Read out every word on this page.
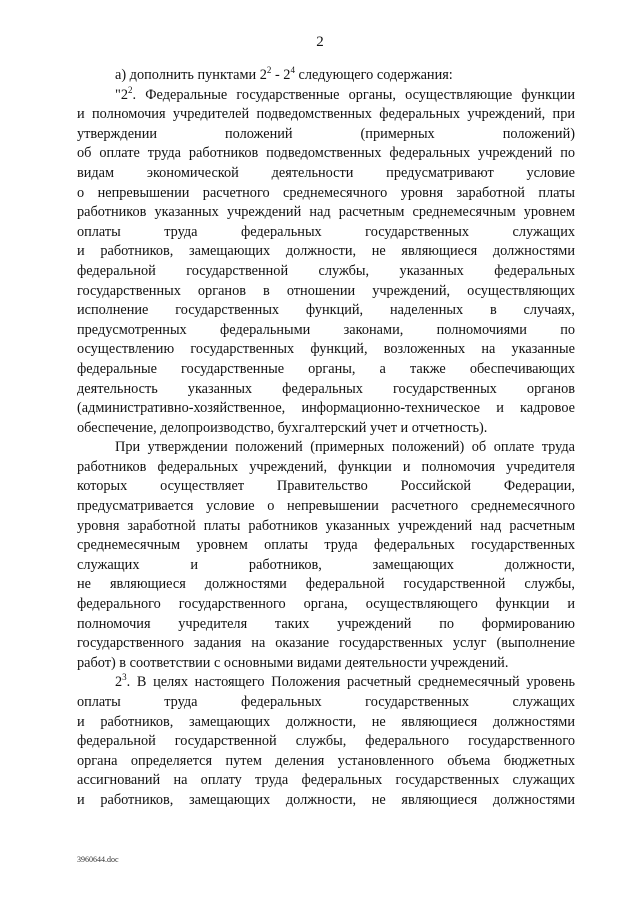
2
а) дополнить пунктами $2^2 - 2^4$ следующего содержания:
"$2^2$. Федеральные государственные органы, осуществляющие функции
и полномочия учредителей подведомственных федеральных учреждений, при
утверждении положений (примерных положений)
об оплате труда работников подведомственных федеральных учреждений по
видам экономической деятельности предусматривают условие
о непревышении расчетного среднемесячного уровня заработной платы
работников указанных учреждений над расчетным среднемесячным уровнем
оплаты труда федеральных государственных служащих
и работников, замещающих должности, не являющиеся должностями
федеральной государственной службы, указанных федеральных
государственных органов в отношении учреждений, осуществляющих
исполнение государственных функций, наделенных в случаях,
предусмотренных федеральными законами, полномочиями по
осуществлению государственных функций, возложенных на указанные
федеральные государственные органы, а также обеспечивающих
деятельность указанных федеральных государственных органов
(административно-хозяйственное, информационно-техническое и кадровое
обеспечение, делопроизводство, бухгалтерский учет и отчетность).
При утверждении положений (примерных положений) об оплате труда
работников федеральных учреждений, функции и полномочия учредителя
которых осуществляет Правительство Российской Федерации,
предусматривается условие о непревышении расчетного среднемесячного
уровня заработной платы работников указанных учреждений над расчетным
среднемесячным уровнем оплаты труда федеральных государственных
служащих и работников, замещающих должности,
не являющиеся должностями федеральной государственной службы,
федерального государственного органа, осуществляющего функции и
полномочия учредителя таких учреждений по формированию
государственного задания на оказание государственных услуг (выполнение
работ) в соответствии с основными видами деятельности учреждений.
$2^3$. В целях настоящего Положения расчетный среднемесячный уровень
оплаты труда федеральных государственных служащих
и работников, замещающих должности, не являющиеся должностями
федеральной государственной службы, федерального государственного
органа определяется путем деления установленного объема бюджетных
ассигнований на оплату труда федеральных государственных служащих
и работников, замещающих должности, не являющиеся должностями
3960644.doc
